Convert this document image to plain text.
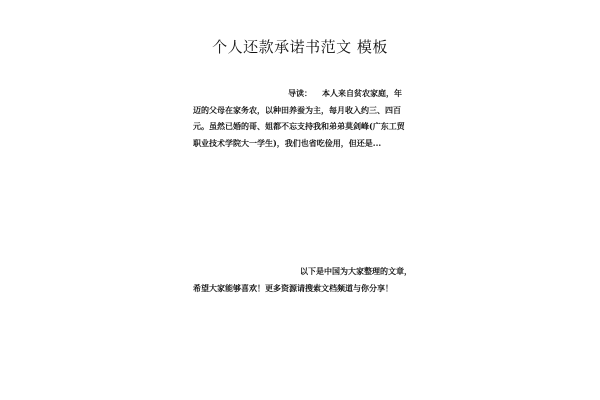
个人还款承诺书范文 模板

导读： 本人来自贫农家庭，年迈的父母在家务农，以种田养蚕为主，每月收入约三、四百元。虽然已婚的哥、姐都不忘支持我和弟弟莫剑峰(广东工贸职业技术学院大一学生)，我们也省吃俭用，但还是...

以下是中国为大家整理的文章，

希望大家能够喜欢！更多资源请搜索文档频道与你分享！
